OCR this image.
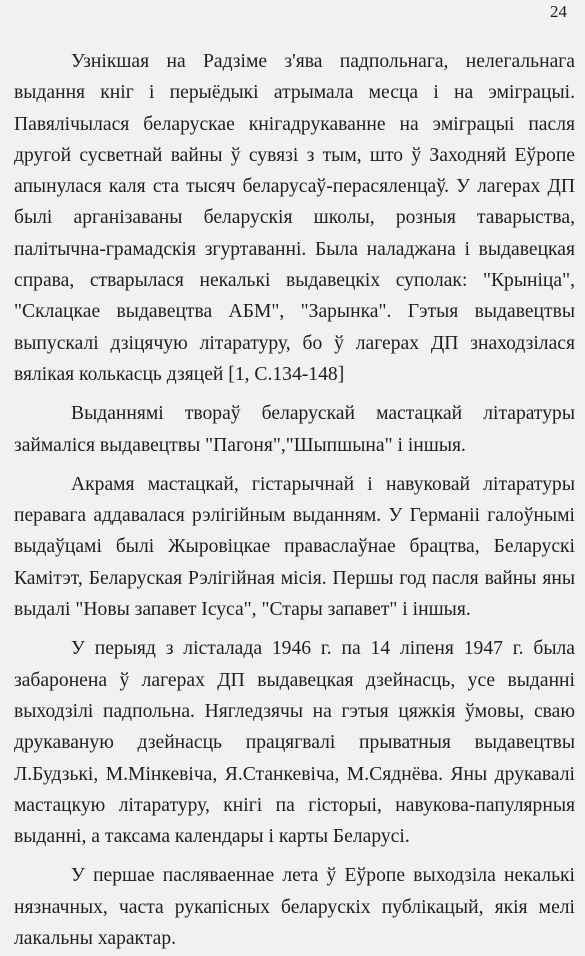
24

Узнікшая на Радзіме з'ява падпольнага, нелегальнага выдання кніг і перыёдыкі атрымала месца і на эміграцыі. Павялічылася беларускае кнігадрукаванне на эміграцыі пасля другой сусветнай вайны ў сувязі з тым, што ў Заходняй Еўропе апынулася каля ста тысяч беларусаў-перасяленцаў. У лагерах ДП былі арганізаваны беларускія школы, розныя таварыства, палітычна-грамадскія згуртаванні. Была наладжана і выдавецкая справа, стварылася некалькі выдавецкіх суполак: "Крыніца", "Склацкае выдавецтва АБМ", "Зарынка". Гэтыя выдавецтвы выпускалі дзіцячую літаратуру, бо ў лагерах ДП знаходзілася вялікая колькасць дзяцей [1, С.134-148]

Выданнямі твораў беларускай мастацкай літаратуры займаліся выдавецтвы "Пагоня","Шыпшына" і іншыя.

Акрамя мастацкай, гістарычнай і навуковай літаратуры перавага аддавалася рэлігійным выданням. У Германіі галоўнымі выдаўцамі былі Жыровіцкае праваслаўнае брацтва, Беларускі Камітэт, Беларуская Рэлігійная місія. Першы год пасля вайны яны выдалі "Новы запавет Ісуса", "Стары запавет" і іншыя.

У перыяд з лісталада 1946 г. па 14 ліпеня 1947 г. была забаронена ў лагерах ДП выдавецкая дзейнасць, усе выданні выходзілі падпольна. Нягледзячы на гэтыя цяжкія ўмовы, сваю друкаваную дзейнасць працягвалі прыватныя выдавецтвы Л.Будзькі, М.Мінкевіча, Я.Станкевіча, М.Сяднёва. Яны друкавалі мастацкую літаратуру, кнігі па гісторыі, навукова-папулярныя выданні, а таксама календары і карты Беларусі.

У першае пасляваеннае лета ў Еўропе выходзіла некалькі нязначных, часта рукапісных беларускіх публікацый, якія мелі лакальны характар.
